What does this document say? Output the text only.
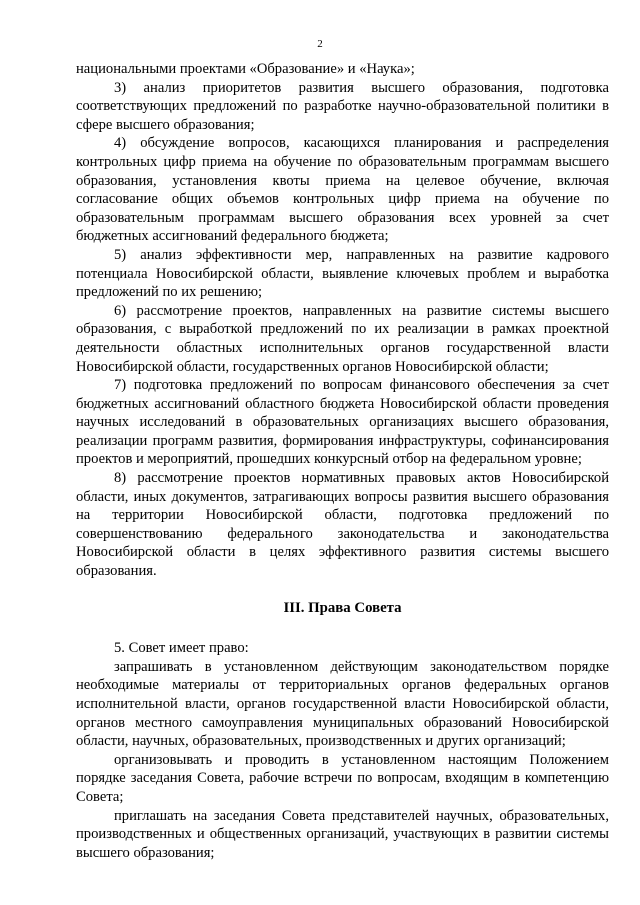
2

национальными проектами «Образование» и «Наука»;

3) анализ приоритетов развития высшего образования, подготовка соответствующих предложений по разработке научно-образовательной политики в сфере высшего образования;

4) обсуждение вопросов, касающихся планирования и распределения контрольных цифр приема на обучение по образовательным программам высшего образования, установления квоты приема на целевое обучение, включая согласование общих объемов контрольных цифр приема на обучение по образовательным программам высшего образования всех уровней за счет бюджетных ассигнований федерального бюджета;

5) анализ эффективности мер, направленных на развитие кадрового потенциала Новосибирской области, выявление ключевых проблем и выработка предложений по их решению;

6) рассмотрение проектов, направленных на развитие системы высшего образования, с выработкой предложений по их реализации в рамках проектной деятельности областных исполнительных органов государственной власти Новосибирской области, государственных органов Новосибирской области;

7) подготовка предложений по вопросам финансового обеспечения за счет бюджетных ассигнований областного бюджета Новосибирской области проведения научных исследований в образовательных организациях высшего образования, реализации программ развития, формирования инфраструктуры, софинансирования проектов и мероприятий, прошедших конкурсный отбор на федеральном уровне;

8) рассмотрение проектов нормативных правовых актов Новосибирской области, иных документов, затрагивающих вопросы развития высшего образования на территории Новосибирской области, подготовка предложений по совершенствованию федерального законодательства и законодательства Новосибирской области в целях эффективного развития системы высшего образования.

III. Права Совета

5. Совет имеет право:

запрашивать в установленном действующим законодательством порядке необходимые материалы от территориальных органов федеральных органов исполнительной власти, органов государственной власти Новосибирской области, органов местного самоуправления муниципальных образований Новосибирской области, научных, образовательных, производственных и других организаций;

организовывать и проводить в установленном настоящим Положением порядке заседания Совета, рабочие встречи по вопросам, входящим в компетенцию Совета;

приглашать на заседания Совета представителей научных, образовательных, производственных и общественных организаций, участвующих в развитии системы высшего образования;
